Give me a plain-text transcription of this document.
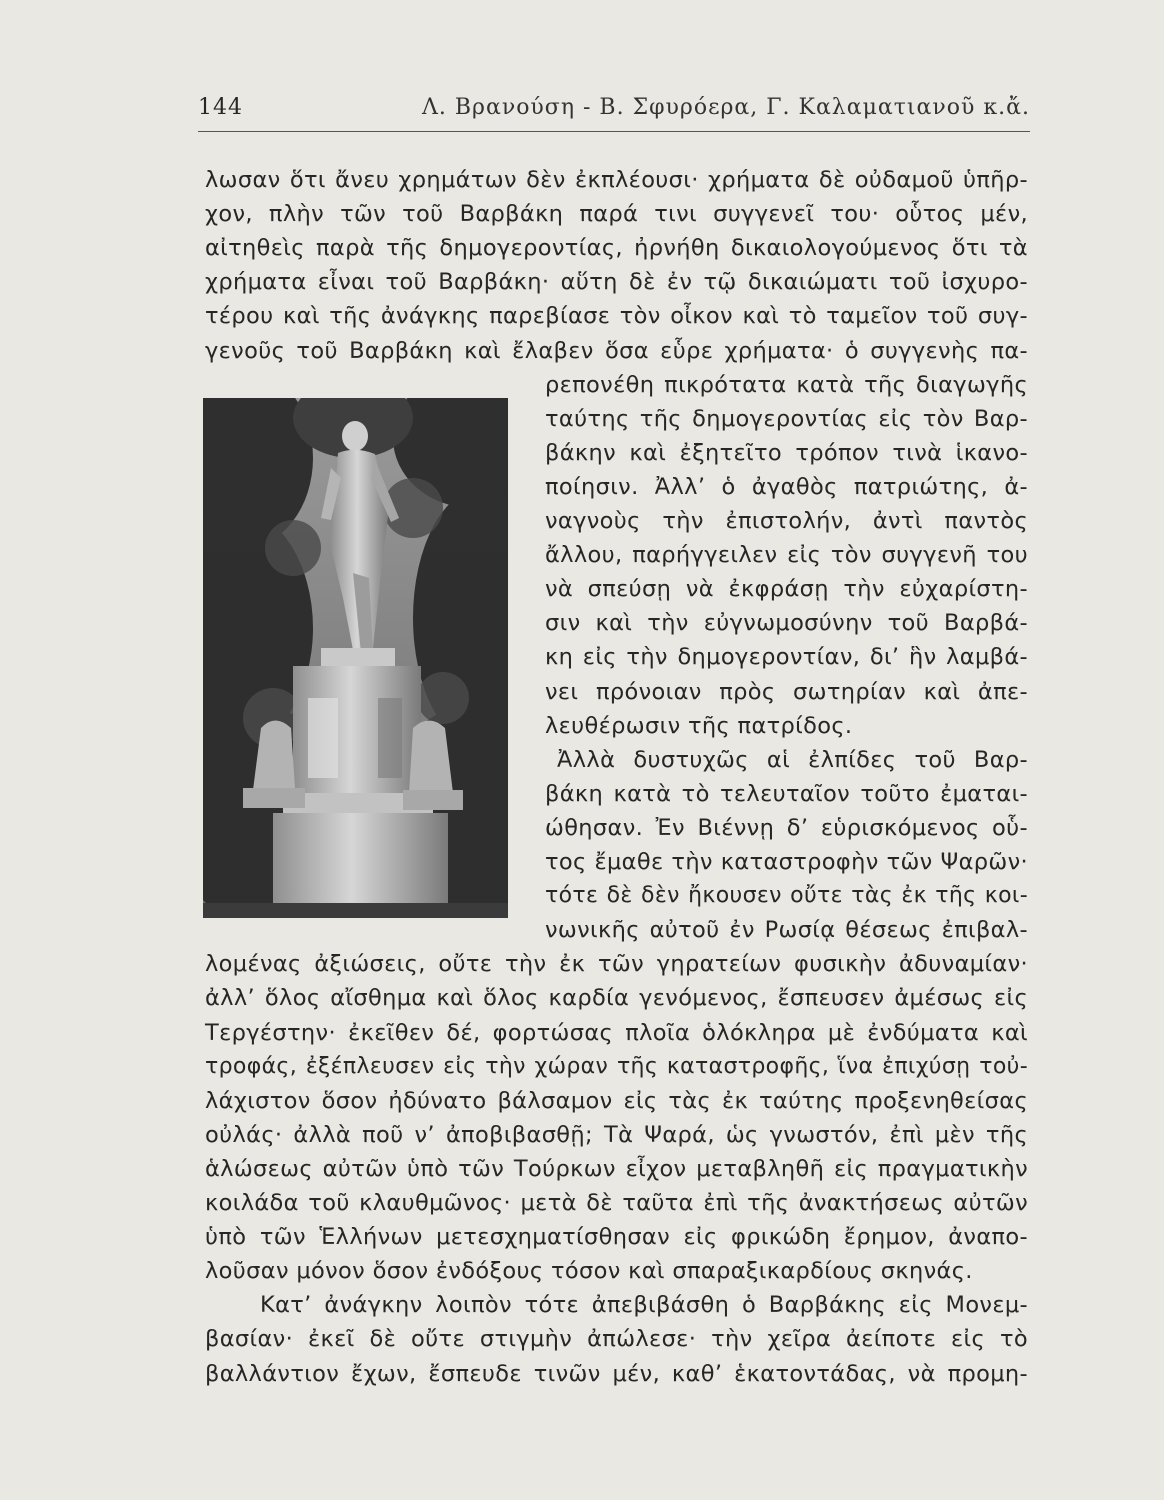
144	Λ. Βρανούση - Β. Σφυρόερα, Γ. Καλαματιανοῦ κ.ἄ.
λωσαν ὅτι ἄνευ χρημάτων δὲν ἐκπλέουσι· χρήματα δὲ οὐδαμοῦ ὑπῆρ-
χον, πλὴν τῶν τοῦ Βαρβάκη παρά τινι συγγενεῖ του· οὗτος μέν,
αἰτηθεὶς παρὰ τῆς δημογεροντίας, ἠρνήθη δικαιολογούμενος ὅτι τὰ
χρήματα εἶναι τοῦ Βαρβάκη· αὕτη δὲ ἐν τῷ δικαιώματι τοῦ ἰσχυρο-
τέρου καὶ τῆς ἀνάγκης παρεβίασε τὸν οἶκον καὶ τὸ ταμεῖον τοῦ συγ-
γενοῦς τοῦ Βαρβάκη καὶ ἔλαβεν ὅσα εὗρε χρήματα· ὁ συγγενὴς πα-
ρεπονέθη πικρότατα κατὰ τῆς διαγωγῆς
ταύτης τῆς δημογεροντίας εἰς τὸν Βαρ-
βάκην καὶ ἐξητεῖτο τρόπον τινὰ ἱκανο-
ποίησιν. Ἀλλ’ ὁ ἀγαθὸς πατριώτης, ἀ-
ναγνοὺς τὴν ἐπιστολήν, ἀντὶ παντὸς
ἄλλου, παρήγγειλεν εἰς τὸν συγγενῆ του
νὰ σπεύσῃ νὰ ἐκφράσῃ τὴν εὐχαρίστη-
σιν καὶ τὴν εὐγνωμοσύνην τοῦ Βαρβά-
κη εἰς τὴν δημογεροντίαν, δι’ ἣν λαμβά-
νει πρόνοιαν πρὸς σωτηρίαν καὶ ἀπε-
λευθέρωσιν τῆς πατρίδος.
Ἀλλὰ δυστυχῶς αἱ ἐλπίδες τοῦ Βαρ-
βάκη κατὰ τὸ τελευταῖον τοῦτο ἐμαται-
ώθησαν. Ἐν Βιέννῃ δ’ εὑρισκόμενος οὗ-
τος ἔμαθε τὴν καταστροφὴν τῶν Ψαρῶν·
τότε δὲ δὲν ἤκουσεν οὔτε τὰς ἐκ τῆς κοι-
νωνικῆς αὐτοῦ ἐν Ρωσίᾳ θέσεως ἐπιβαλ-
λομένας ἀξιώσεις, οὔτε τὴν ἐκ τῶν γηρατείων φυσικὴν ἀδυναμίαν·
ἀλλ’ ὅλος αἴσθημα καὶ ὅλος καρδία γενόμενος, ἔσπευσεν ἀμέσως εἰς
Τεργέστην· ἐκεῖθεν δέ, φορτώσας πλοῖα ὁλόκληρα μὲ ἐνδύματα καὶ
τροφάς, ἐξέπλευσεν εἰς τὴν χώραν τῆς καταστροφῆς, ἵνα ἐπιχύσῃ τοὐ-
λάχιστον ὅσον ἠδύνατο βάλσαμον εἰς τὰς ἐκ ταύτης προξενηθείσας
οὐλάς· ἀλλὰ ποῦ ν’ ἀποβιβασθῇ; Τὰ Ψαρά, ὡς γνωστόν, ἐπὶ μὲν τῆς
ἁλώσεως αὐτῶν ὑπὸ τῶν Τούρκων εἶχον μεταβληθῆ εἰς πραγματικὴν
κοιλάδα τοῦ κλαυθμῶνος· μετὰ δὲ ταῦτα ἐπὶ τῆς ἀνακτήσεως αὐτῶν
ὑπὸ τῶν Ἑλλήνων μετεσχηματίσθησαν εἰς φρικώδη ἔρημον, ἀναπο-
λοῦσαν μόνον ὅσον ἐνδόξους τόσον καὶ σπαραξικαρδίους σκηνάς.
Κατ’ ἀνάγκην λοιπὸν τότε ἀπεβιβάσθη ὁ Βαρβάκης εἰς Μονεμ-
βασίαν· ἐκεῖ δὲ οὔτε στιγμὴν ἀπώλεσε· τὴν χεῖρα ἀείποτε εἰς τὸ
βαλλάντιον ἔχων, ἔσπευδε τινῶν μέν, καθ’ ἑκατοντάδας, νὰ προμη-
